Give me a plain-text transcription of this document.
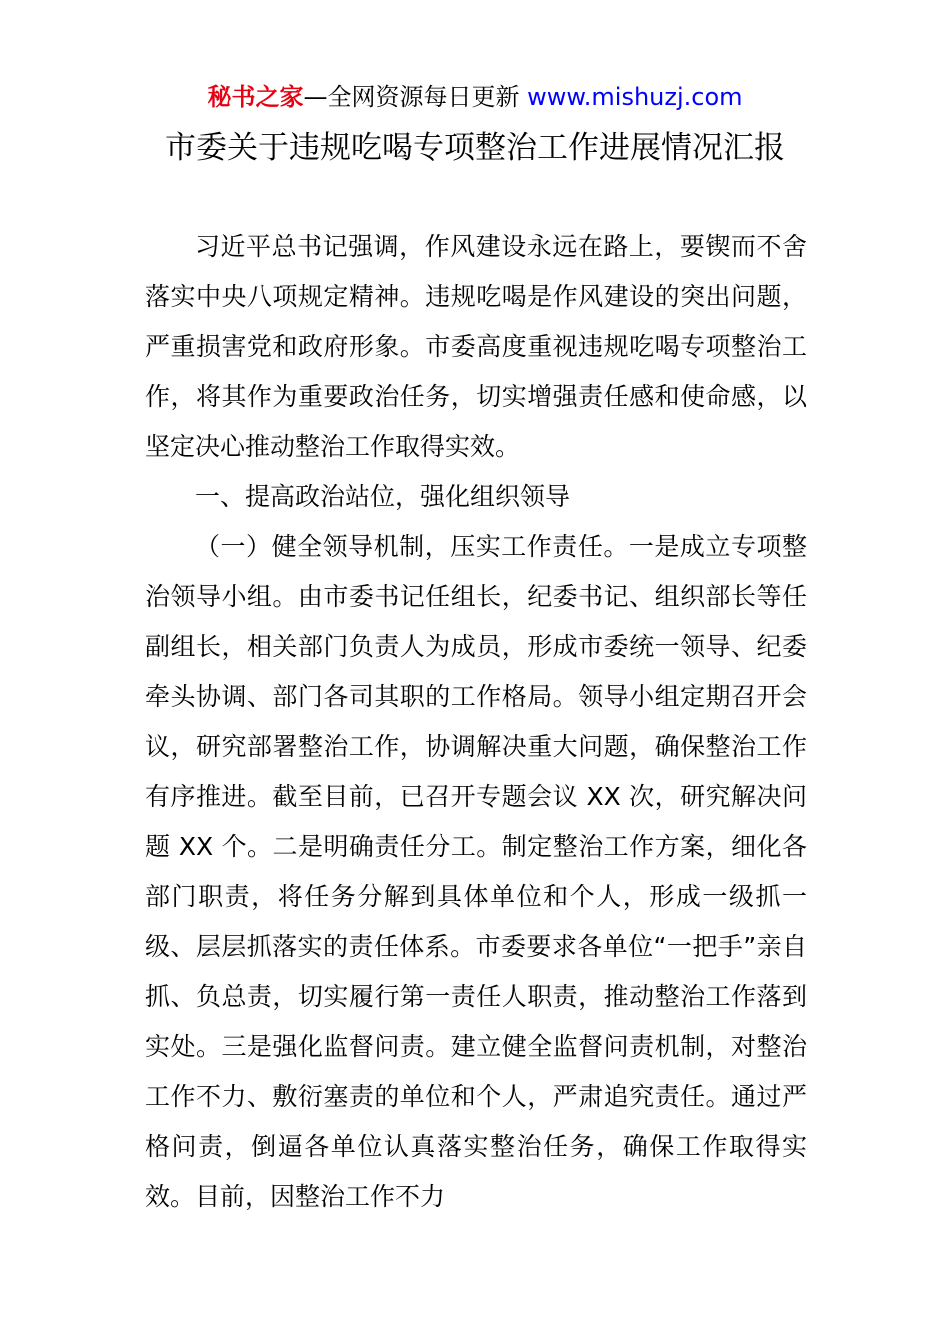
秘书之家—全网资源每日更新 www.mishuzj.com
市委关于违规吃喝专项整治工作进展情况汇报

习近平总书记强调，作风建设永远在路上，要锲而不舍落实中央八项规定精神。违规吃喝是作风建设的突出问题，严重损害党和政府形象。市委高度重视违规吃喝专项整治工作，将其作为重要政治任务，切实增强责任感和使命感，以坚定决心推动整治工作取得实效。

一、提高政治站位，强化组织领导

（一）健全领导机制，压实工作责任。一是成立专项整治领导小组。由市委书记任组长，纪委书记、组织部长等任副组长，相关部门负责人为成员，形成市委统一领导、纪委牵头协调、部门各司其职的工作格局。领导小组定期召开会议，研究部署整治工作，协调解决重大问题，确保整治工作有序推进。截至目前，已召开专题会议 XX 次，研究解决问题 XX 个。二是明确责任分工。制定整治工作方案，细化各部门职责，将任务分解到具体单位和个人，形成一级抓一级、层层抓落实的责任体系。市委要求各单位“一把手”亲自抓、负总责，切实履行第一责任人职责，推动整治工作落到实处。三是强化监督问责。建立健全监督问责机制，对整治工作不力、敷衍塞责的单位和个人，严肃追究责任。通过严格问责，倒逼各单位认真落实整治任务，确保工作取得实效。目前，因整治工作不力
